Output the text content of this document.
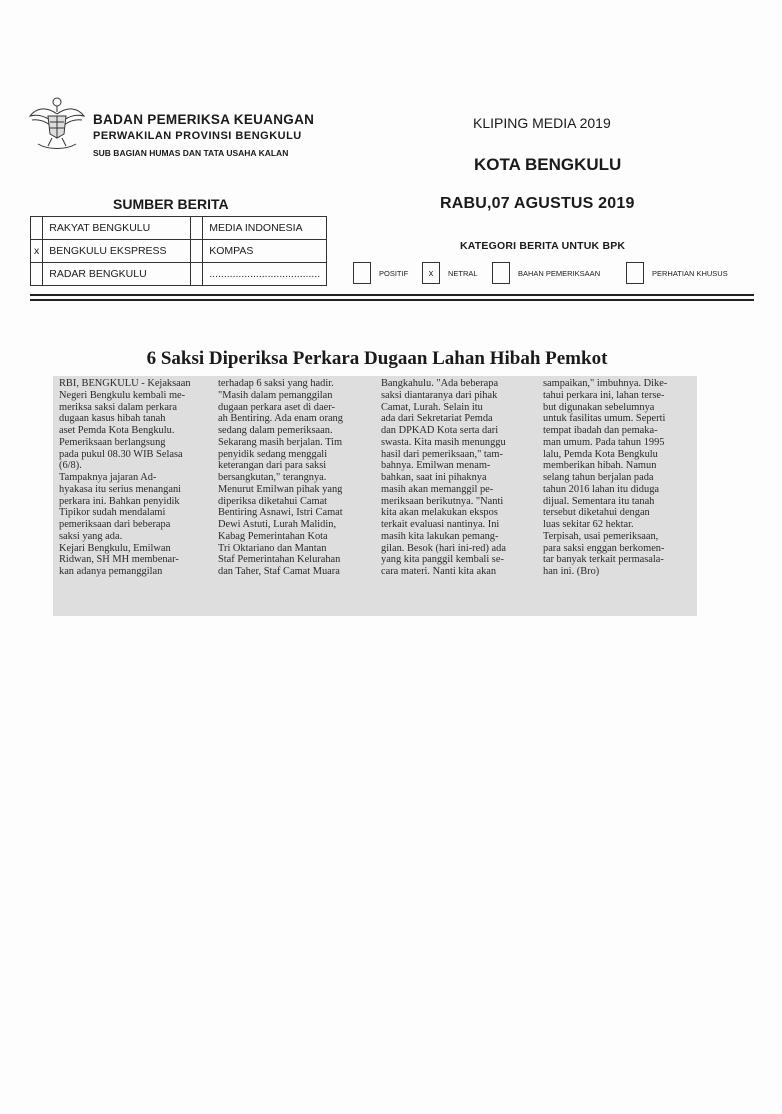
BADAN PEMERIKSA KEUANGAN
PERWAKILAN PROVINSI BENGKULU
SUB BAGIAN HUMAS DAN TATA USAHA KALAN
KLIPING MEDIA 2019
KOTA BENGKULU
RABU,07 AGUSTUS 2019
SUMBER BERITA
	RAKYAT BENGKULU		MEDIA INDONESIA
x	BENGKULU EKSPRESS		KOMPAS
	RADAR BENGKULU		......................................
KATEGORI BERITA UNTUK BPK
POSITIF	x	NETRAL	BAHAN PEMERIKSAAN	PERHATIAN KHUSUS
6 Saksi Diperiksa Perkara Dugaan Lahan Hibah Pemkot
RBI, BENGKULU - Kejaksaan
Negeri Bengkulu kembali me-
meriksa saksi dalam perkara
dugaan kasus hibah tanah
aset Pemda Kota Bengkulu.
Pemeriksaan berlangsung
pada pukul 08.30 WIB Selasa
(6/8).
Tampaknya jajaran Ad-
hyakasa itu serius menangani
perkara ini. Bahkan penyidik
Tipikor sudah mendalami
pemeriksaan dari beberapa
saksi yang ada.
Kejari Bengkulu, Emilwan
Ridwan, SH MH membenar-
kan adanya pemanggilan
terhadap 6 saksi yang hadir.
"Masih dalam pemanggilan
dugaan perkara aset di daer-
ah Bentiring. Ada enam orang
sedang dalam pemeriksaan.
Sekarang masih berjalan. Tim
penyidik sedang menggali
keterangan dari para saksi
bersangkutan," terangnya.
Menurut Emilwan pihak yang
diperiksa diketahui Camat
Bentiring Asnawi, Istri Camat
Dewi Astuti, Lurah Malidin,
Kabag Pemerintahan Kota
Tri Oktariano dan Mantan
Staf Pemerintahan Kelurahan
dan Taher, Staf Camat Muara
Bangkahulu. "Ada beberapa
saksi diantaranya dari pihak
Camat, Lurah. Selain itu
ada dari Sekretariat Pemda
dan DPKAD Kota serta dari
swasta. Kita masih menunggu
hasil dari pemeriksaan," tam-
bahnya. Emilwan menam-
bahkan, saat ini pihaknya
masih akan memanggil pe-
meriksaan berikutnya. "Nanti
kita akan melakukan ekspos
terkait evaluasi nantinya. Ini
masih kita lakukan pemang-
gilan. Besok (hari ini-red) ada
yang kita panggil kembali se-
cara materi. Nanti kita akan
sampaikan," imbuhnya. Dike-
tahui perkara ini, lahan terse-
but digunakan sebelumnya
untuk fasilitas umum. Seperti
tempat ibadah dan pemaka-
man umum. Pada tahun 1995
lalu, Pemda Kota Bengkulu
memberikan hibah. Namun
selang tahun berjalan pada
tahun 2016 lahan itu diduga
dijual. Sementara itu tanah
tersebut diketahui dengan
luas sekitar 62 hektar.
Terpisah, usai pemeriksaan,
para saksi enggan berkomen-
tar banyak terkait permasala-
han ini. (Bro)
